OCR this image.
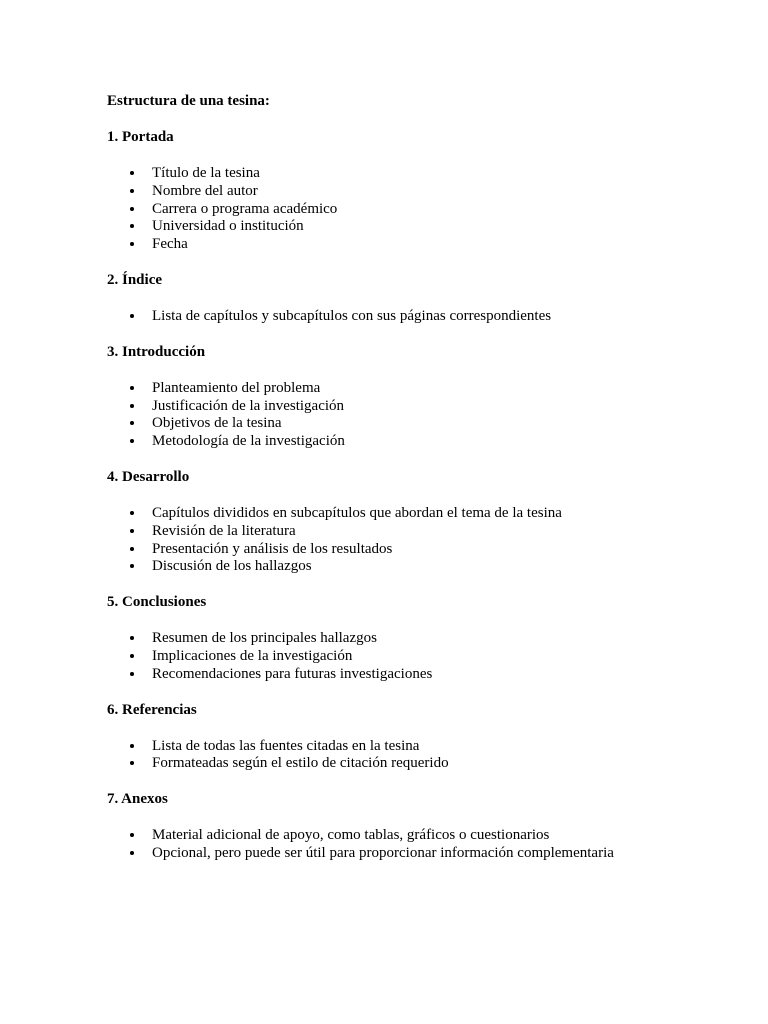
Estructura de una tesina:
1. Portada
Título de la tesina
Nombre del autor
Carrera o programa académico
Universidad o institución
Fecha
2. Índice
Lista de capítulos y subcapítulos con sus páginas correspondientes
3. Introducción
Planteamiento del problema
Justificación de la investigación
Objetivos de la tesina
Metodología de la investigación
4. Desarrollo
Capítulos divididos en subcapítulos que abordan el tema de la tesina
Revisión de la literatura
Presentación y análisis de los resultados
Discusión de los hallazgos
5. Conclusiones
Resumen de los principales hallazgos
Implicaciones de la investigación
Recomendaciones para futuras investigaciones
6. Referencias
Lista de todas las fuentes citadas en la tesina
Formateadas según el estilo de citación requerido
7. Anexos
Material adicional de apoyo, como tablas, gráficos o cuestionarios
Opcional, pero puede ser útil para proporcionar información complementaria
